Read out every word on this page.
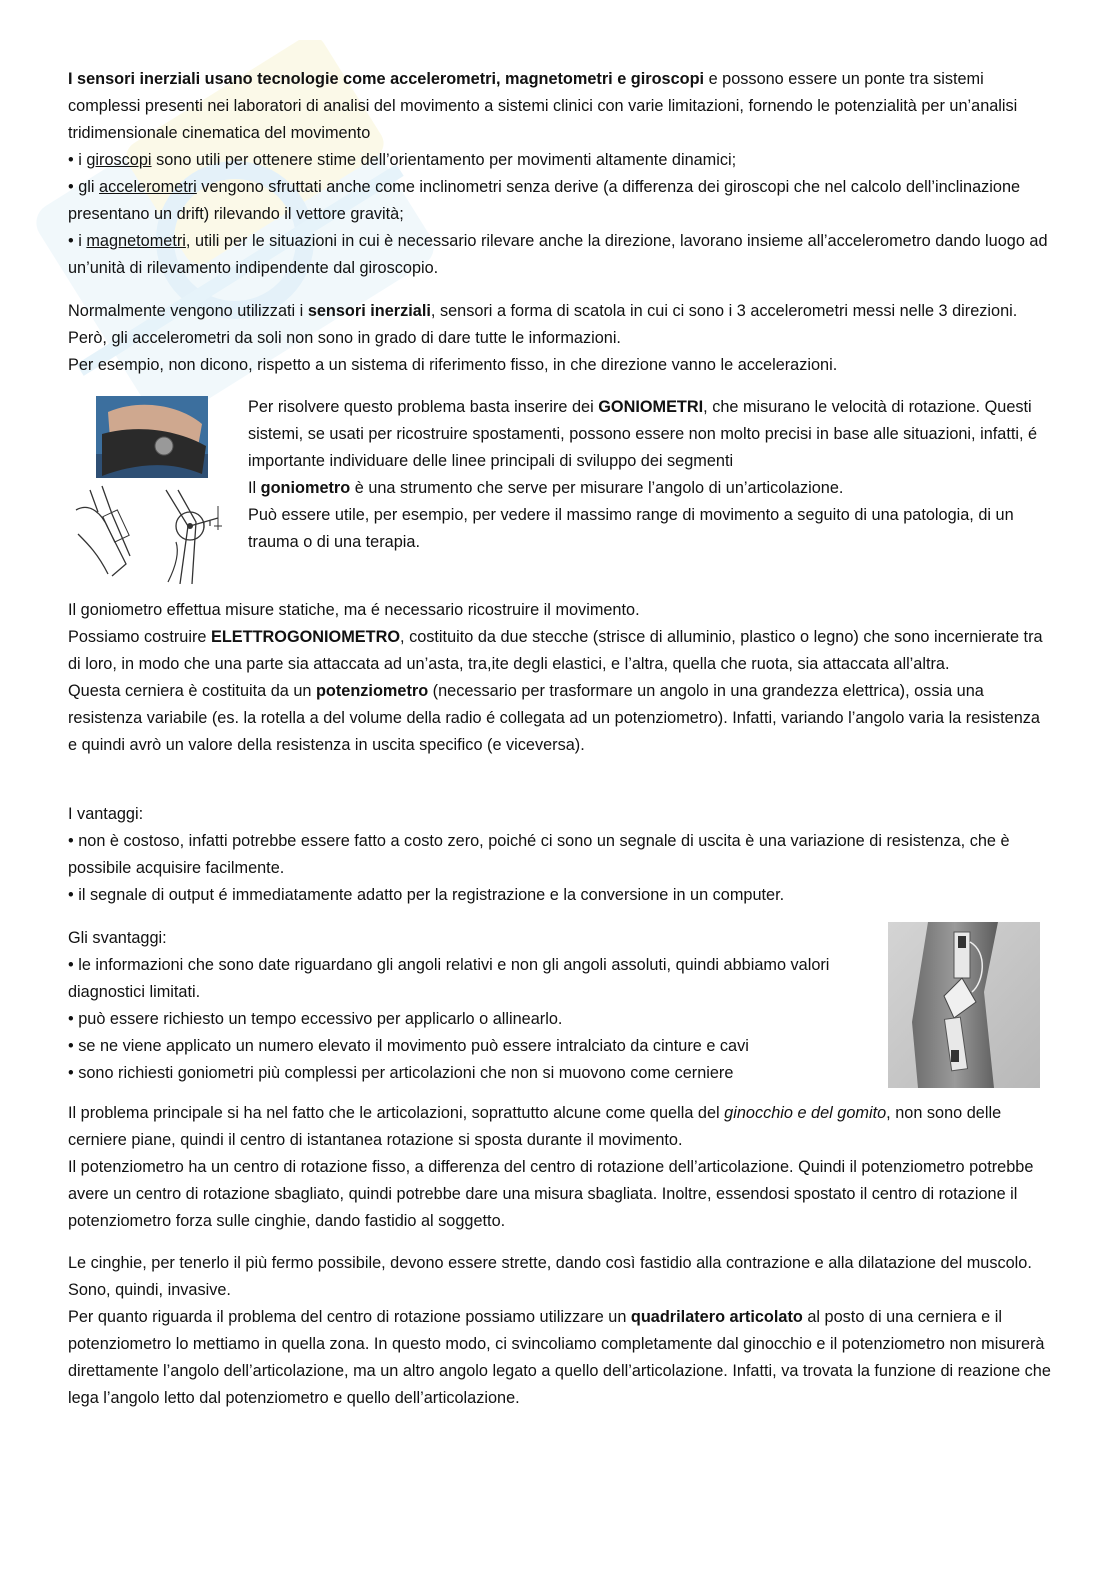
I sensori inerziali usano tecnologie come accelerometri, magnetometri e giroscopi e possono essere un ponte tra sistemi complessi presenti nei laboratori di analisi del movimento a sistemi clinici con varie limitazioni, fornendo le potenzialità per un’analisi tridimensionale cinematica del movimento

• i giroscopi sono utili per ottenere stime dell’orientamento per movimenti altamente dinamici;

• gli accelerometri vengono sfruttati anche come inclinometri senza derive (a differenza dei giroscopi che nel calcolo dell’inclinazione presentano un drift) rilevando il vettore gravità;

• i magnetometri, utili per le situazioni in cui è necessario rilevare anche la direzione, lavorano insieme all’accelerometro dando luogo ad un’unità di rilevamento indipendente dal giroscopio.

Normalmente vengono utilizzati i sensori inerziali, sensori a forma di scatola in cui ci sono i 3 accelerometri messi nelle 3 direzioni. Però, gli accelerometri da soli non sono in grado di dare tutte le informazioni.

Per esempio, non dicono, rispetto a un sistema di riferimento fisso, in che direzione vanno le accelerazioni.

Per risolvere questo problema basta inserire dei GONIOMETRI, che misurano le velocità di rotazione. Questi sistemi, se usati per ricostruire spostamenti, possono essere non molto precisi in base alle situazioni, infatti, é importante individuare delle linee principali di sviluppo dei segmenti

Il goniometro è una strumento che serve per misurare l’angolo di un’articolazione.

Può essere utile, per esempio, per vedere il massimo range di movimento a seguito di una patologia, di un trauma o di una terapia.

Il goniometro effettua misure statiche, ma é necessario ricostruire il movimento.

Possiamo costruire ELETTROGONIOMETRO, costituito da due stecche (strisce di alluminio, plastico o legno) che sono incernierate tra di loro, in modo che una parte sia attaccata ad un’asta, tra,ite degli elastici, e l’altra, quella che ruota, sia attaccata all’altra.

Questa cerniera è costituita da un potenziometro (necessario per trasformare un angolo in una grandezza elettrica), ossia una resistenza variabile (es. la rotella a del volume della radio é collegata ad un potenziometro). Infatti, variando l’angolo varia la resistenza e quindi avrò un valore della resistenza in uscita specifico (e viceversa).

I vantaggi:

• non è costoso, infatti potrebbe essere fatto a costo zero, poiché ci sono un segnale di uscita è una variazione di resistenza, che è possibile acquisire facilmente.

• il segnale di output é immediatamente adatto per la registrazione e la conversione in un computer.

Gli svantaggi:

• le informazioni che sono date riguardano gli angoli relativi e non gli angoli assoluti, quindi abbiamo valori diagnostici limitati.

• può essere richiesto un tempo eccessivo per applicarlo o allinearlo.

• se ne viene applicato un numero elevato il movimento può essere intralciato da cinture e cavi

• sono richiesti goniometri più complessi per articolazioni che non si muovono come cerniere

Il problema principale si ha nel fatto che le articolazioni, soprattutto alcune come quella del ginocchio e del gomito, non sono delle cerniere piane, quindi il centro di istantanea rotazione si sposta durante il movimento.

Il potenziometro ha un centro di rotazione fisso, a differenza del centro di rotazione dell’articolazione. Quindi il potenziometro potrebbe avere un centro di rotazione sbagliato, quindi potrebbe dare una misura sbagliata. Inoltre, essendosi spostato il centro di rotazione il potenziometro forza sulle cinghie, dando fastidio al soggetto.

Le cinghie, per tenerlo il più fermo possibile, devono essere strette, dando così fastidio alla contrazione e alla dilatazione del muscolo. Sono, quindi, invasive.

Per quanto riguarda il problema del centro di rotazione possiamo utilizzare un quadrilatero articolato al posto di una cerniera e il potenziometro lo mettiamo in quella zona. In questo modo, ci svincoliamo completamente dal ginocchio e il potenziometro non misurerà direttamente l’angolo dell’articolazione, ma un altro angolo legato a quello dell’articolazione. Infatti, va trovata la funzione di reazione che lega l’angolo letto dal potenziometro e quello dell’articolazione.
